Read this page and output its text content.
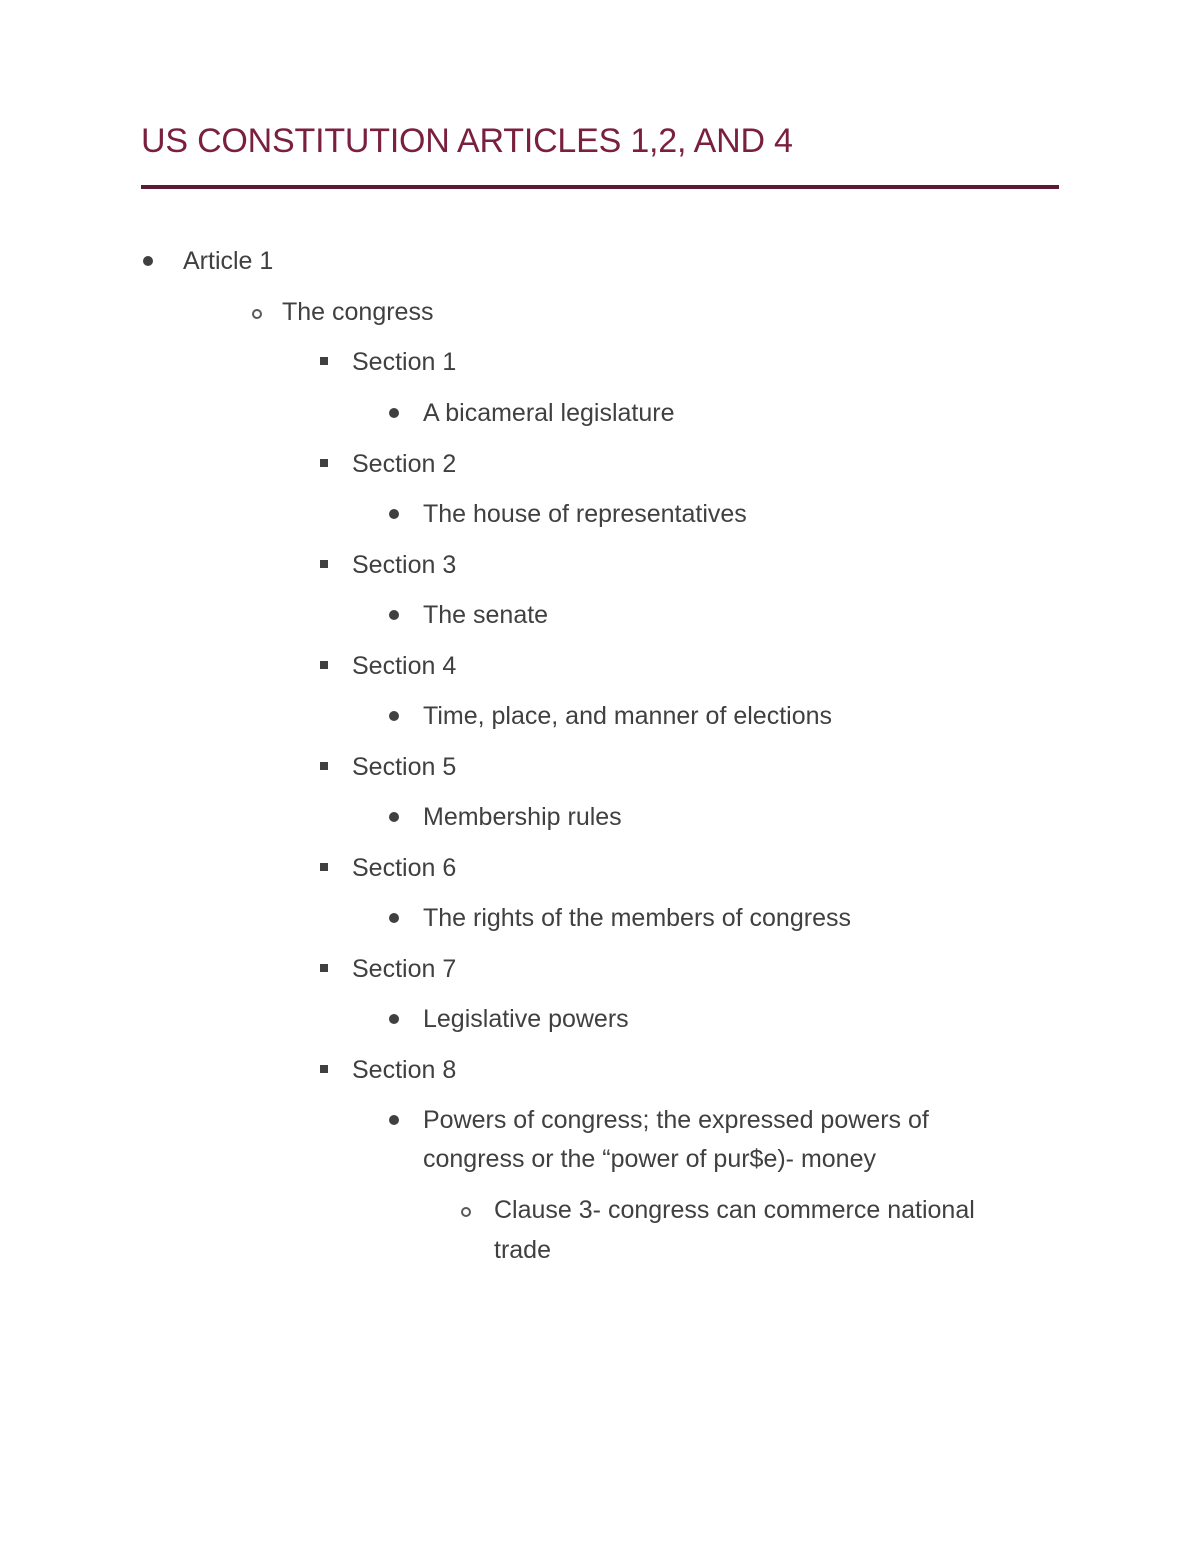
US CONSTITUTION ARTICLES 1,2, AND 4
Article 1
The congress
Section 1
A bicameral legislature
Section 2
The house of representatives
Section 3
The senate
Section 4
Time, place, and manner of elections
Section 5
Membership rules
Section 6
The rights of the members of congress
Section 7
Legislative powers
Section 8
Powers of congress; the expressed powers of
congress or the “power of pur$e)- money
Clause 3- congress can commerce national
trade
